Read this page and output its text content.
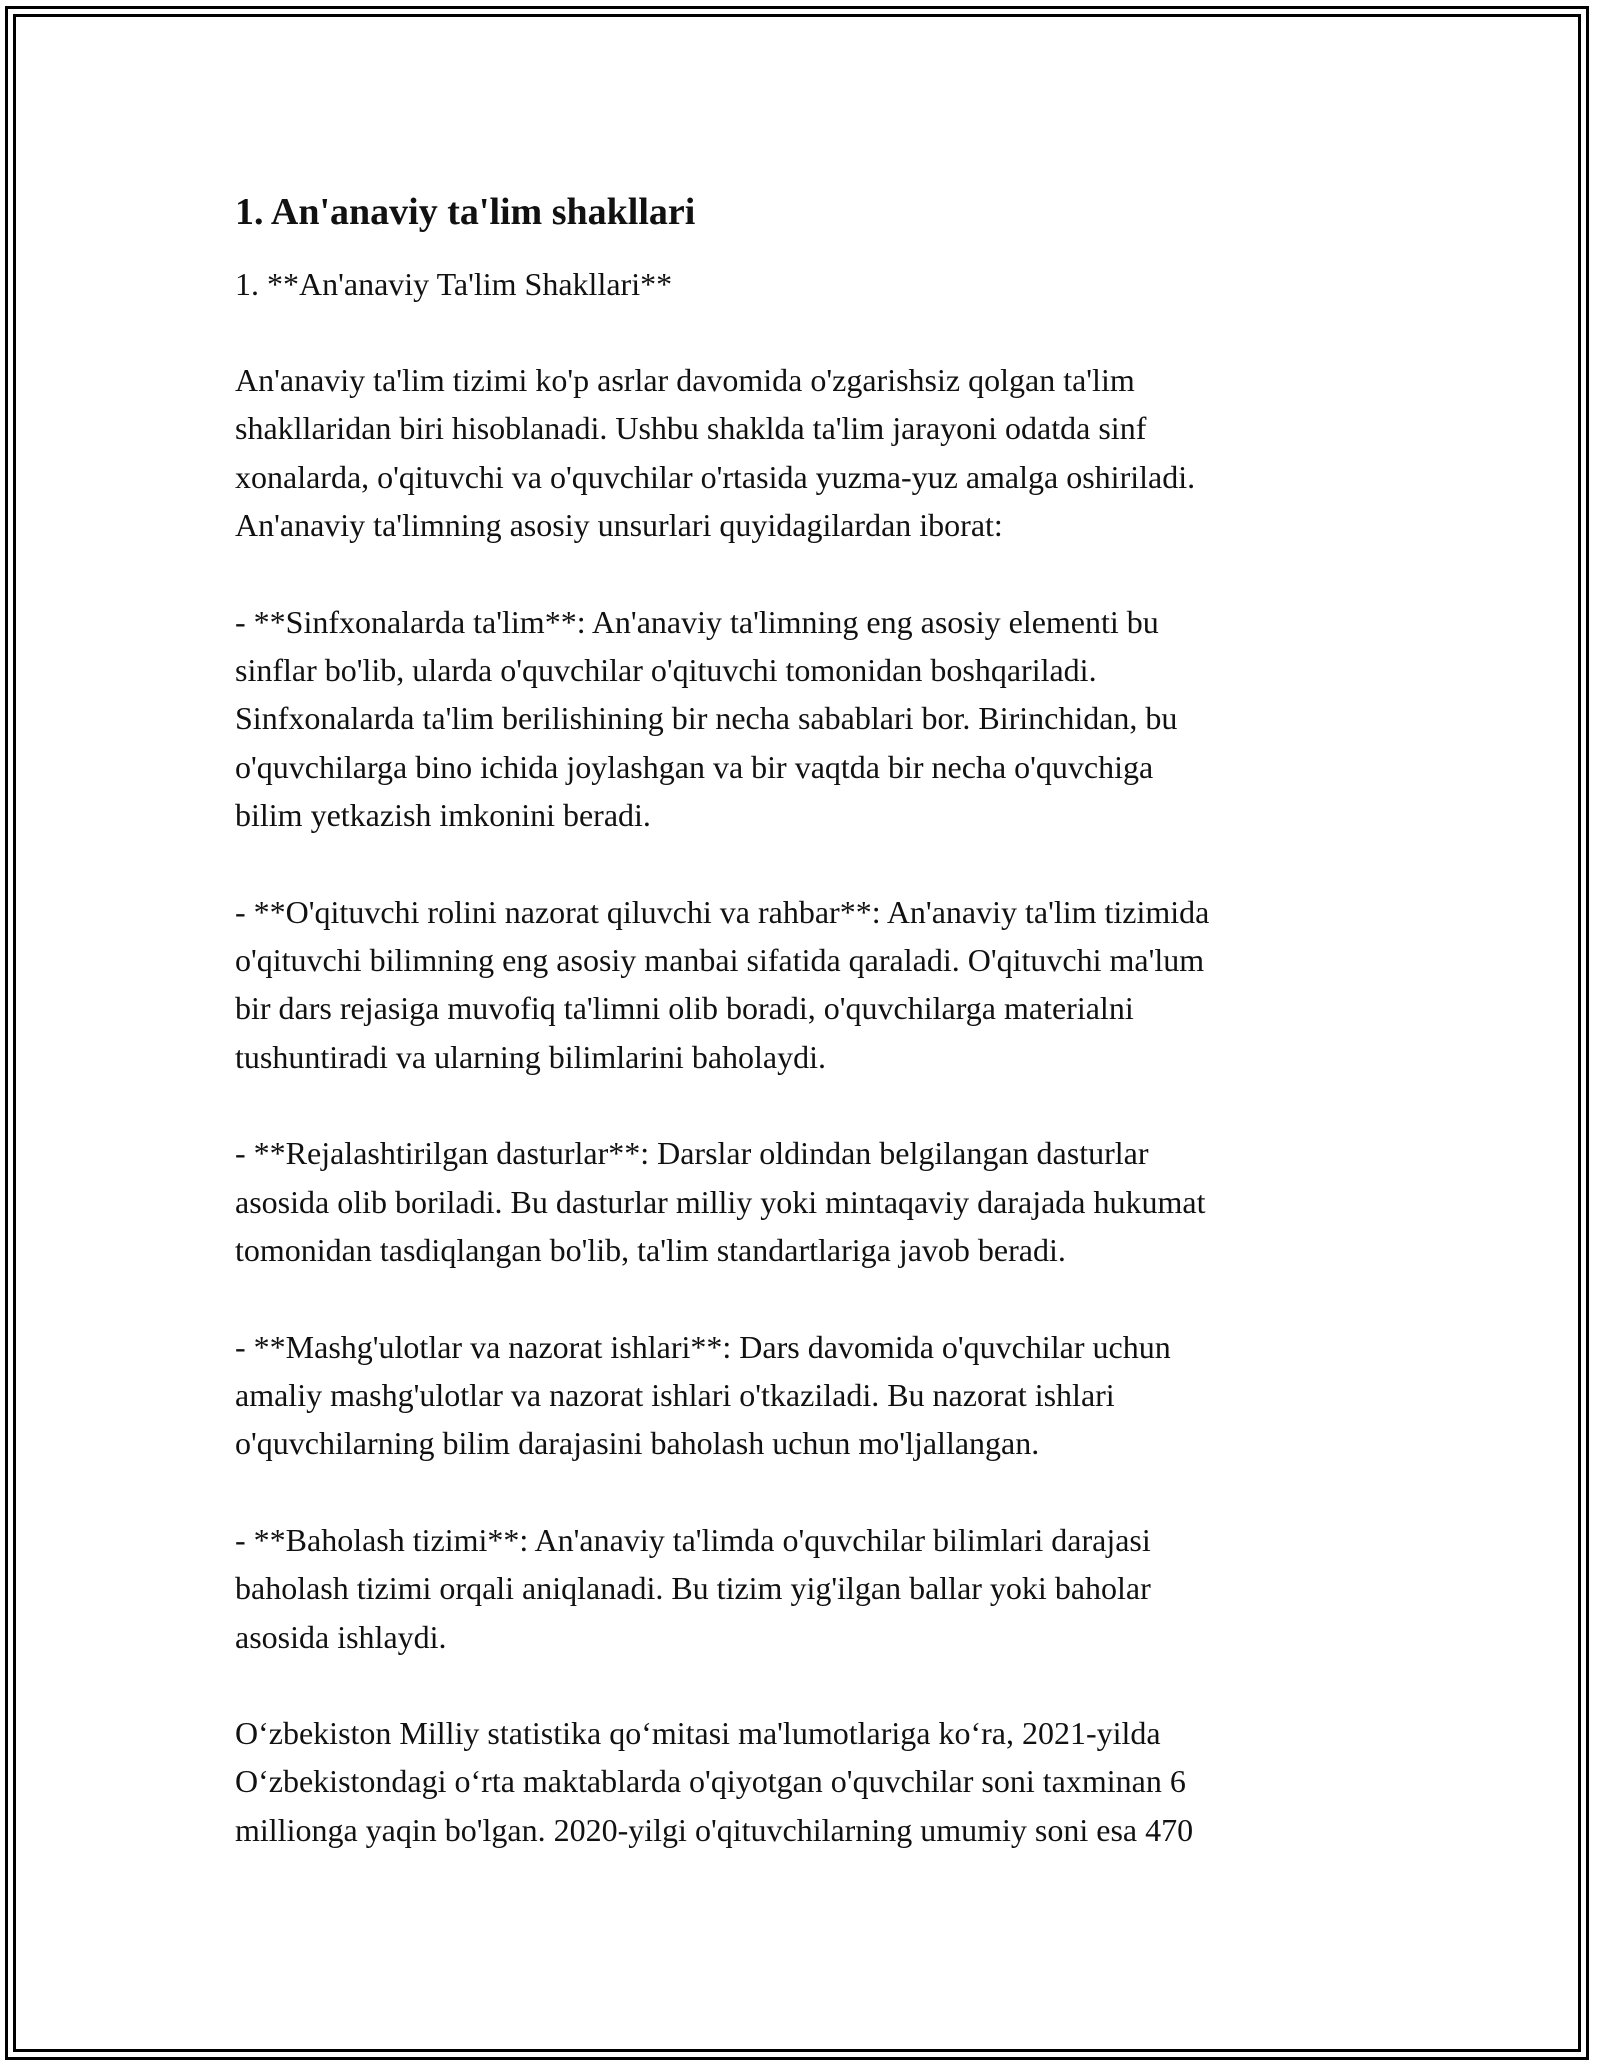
1. An'anaviy ta'lim shakllari
1. **An'anaviy Ta'lim Shakllari**
An'anaviy ta'lim tizimi ko'p asrlar davomida o'zgarishsiz qolgan ta'lim
shakllaridan biri hisoblanadi. Ushbu shaklda ta'lim jarayoni odatda sinf
xonalarda, o'qituvchi va o'quvchilar o'rtasida yuzma-yuz amalga oshiriladi.
An'anaviy ta'limning asosiy unsurlari quyidagilardan iborat:
- **Sinfxonalarda ta'lim**: An'anaviy ta'limning eng asosiy elementi bu
sinflar bo'lib, ularda o'quvchilar o'qituvchi tomonidan boshqariladi.
Sinfxonalarda ta'lim berilishining bir necha sabablari bor. Birinchidan, bu
o'quvchilarga bino ichida joylashgan va bir vaqtda bir necha o'quvchiga
bilim yetkazish imkonini beradi.
- **O'qituvchi rolini nazorat qiluvchi va rahbar**: An'anaviy ta'lim tizimida
o'qituvchi bilimning eng asosiy manbai sifatida qaraladi. O'qituvchi ma'lum
bir dars rejasiga muvofiq ta'limni olib boradi, o'quvchilarga materialni
tushuntiradi va ularning bilimlarini baholaydi.
- **Rejalashtirilgan dasturlar**: Darslar oldindan belgilangan dasturlar
asosida olib boriladi. Bu dasturlar milliy yoki mintaqaviy darajada hukumat
tomonidan tasdiqlangan bo'lib, ta'lim standartlariga javob beradi.
- **Mashg'ulotlar va nazorat ishlari**: Dars davomida o'quvchilar uchun
amaliy mashg'ulotlar va nazorat ishlari o'tkaziladi. Bu nazorat ishlari
o'quvchilarning bilim darajasini baholash uchun mo'ljallangan.
- **Baholash tizimi**: An'anaviy ta'limda o'quvchilar bilimlari darajasi
baholash tizimi orqali aniqlanadi. Bu tizim yig'ilgan ballar yoki baholar
asosida ishlaydi.
O‘zbekiston Milliy statistika qo‘mitasi ma'lumotlariga ko‘ra, 2021-yilda
O‘zbekistondagi o‘rta maktablarda o'qiyotgan o'quvchilar soni taxminan 6
millionga yaqin bo'lgan. 2020-yilgi o'qituvchilarning umumiy soni esa 470
